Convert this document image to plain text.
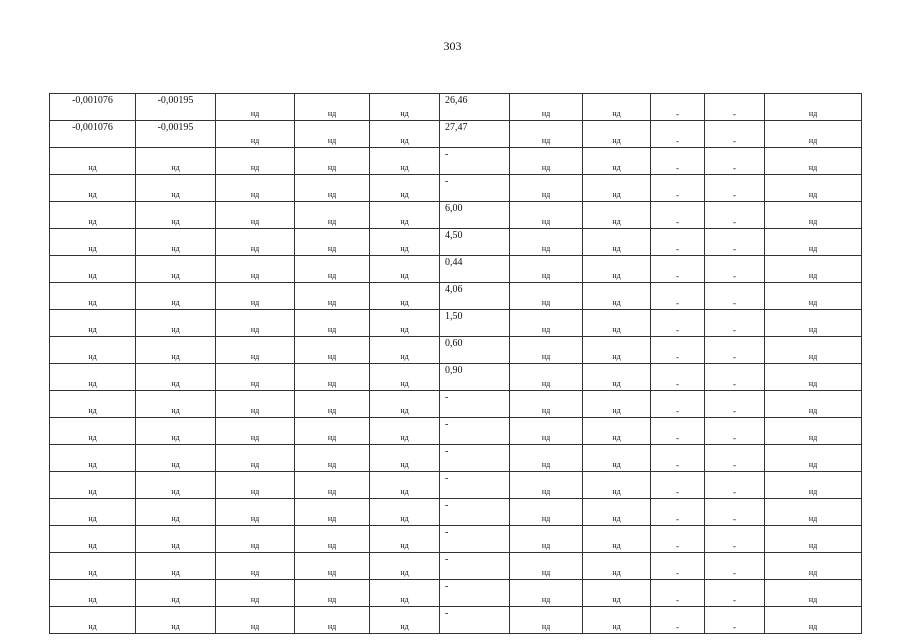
303
-0,001076	-0,00195	нд	нд	нд	26,46	нд	нд	-	-	нд
-0,001076	-0,00195	нд	нд	нд	27,47	нд	нд	-	-	нд
нд	нд	нд	нд	нд	-	нд	нд	-	-	нд
нд	нд	нд	нд	нд	-	нд	нд	-	-	нд
нд	нд	нд	нд	нд	6,00	нд	нд	-	-	нд
нд	нд	нд	нд	нд	4,50	нд	нд	-	-	нд
нд	нд	нд	нд	нд	0,44	нд	нд	-	-	нд
нд	нд	нд	нд	нд	4,06	нд	нд	-	-	нд
нд	нд	нд	нд	нд	1,50	нд	нд	-	-	нд
нд	нд	нд	нд	нд	0,60	нд	нд	-	-	нд
нд	нд	нд	нд	нд	0,90	нд	нд	-	-	нд
нд	нд	нд	нд	нд	-	нд	нд	-	-	нд
нд	нд	нд	нд	нд	-	нд	нд	-	-	нд
нд	нд	нд	нд	нд	-	нд	нд	-	-	нд
нд	нд	нд	нд	нд	-	нд	нд	-	-	нд
нд	нд	нд	нд	нд	-	нд	нд	-	-	нд
нд	нд	нд	нд	нд	-	нд	нд	-	-	нд
нд	нд	нд	нд	нд	-	нд	нд	-	-	нд
нд	нд	нд	нд	нд	-	нд	нд	-	-	нд
нд	нд	нд	нд	нд	-	нд	нд	-	-	нд
